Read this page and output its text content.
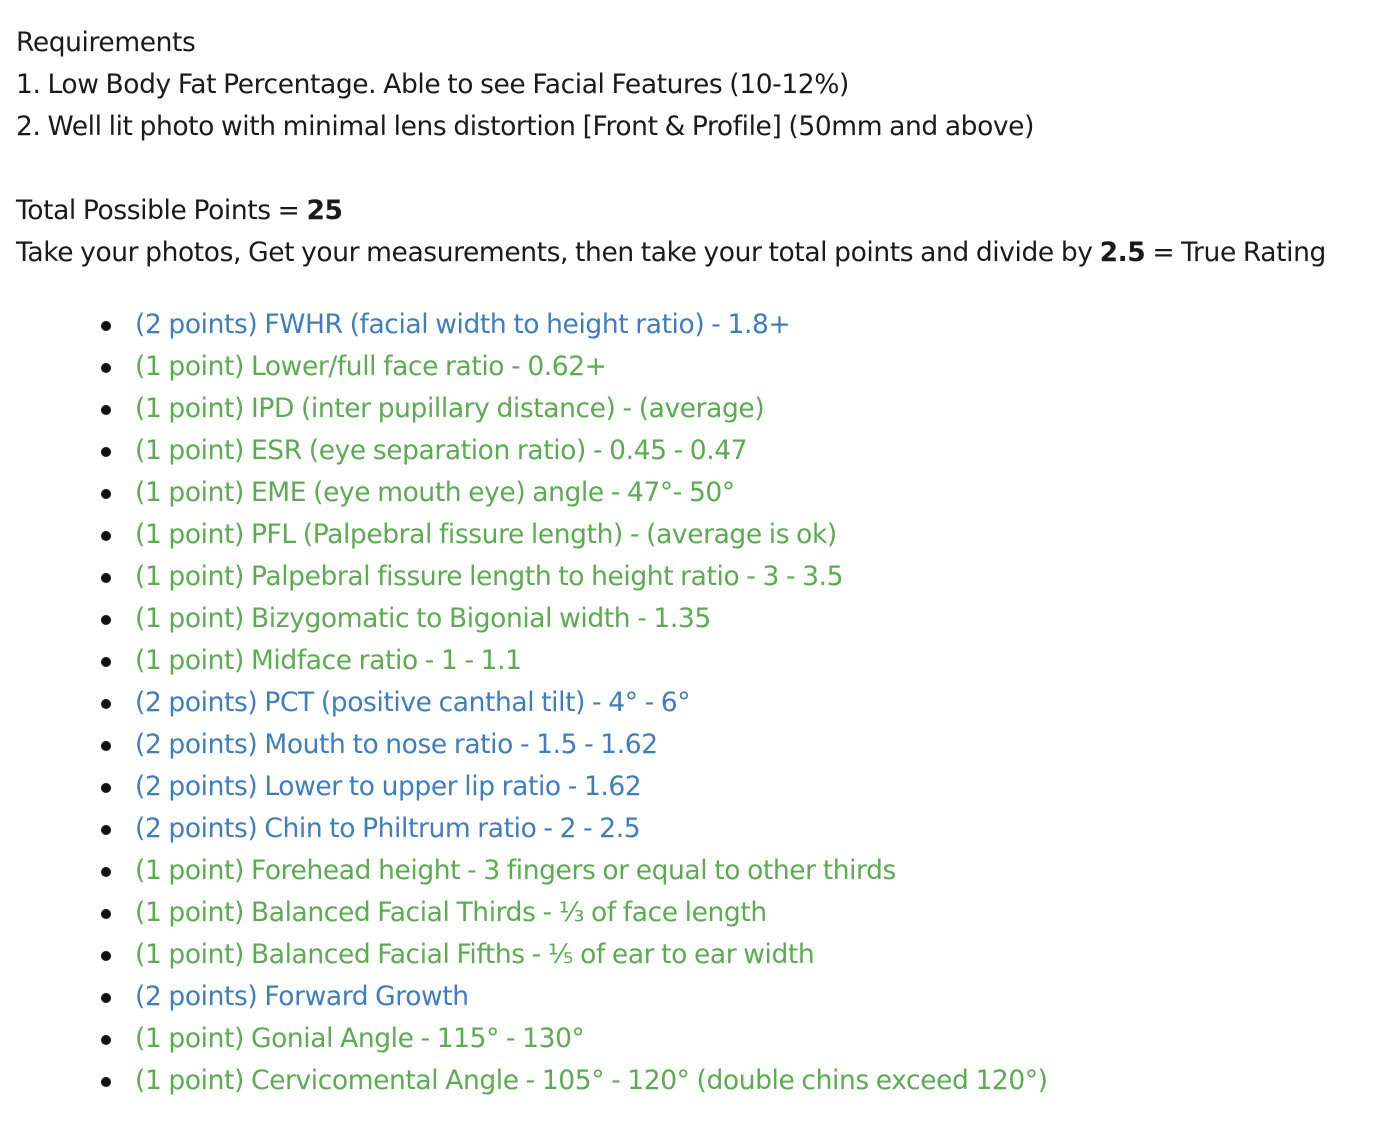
Requirements
1. Low Body Fat Percentage. Able to see Facial Features (10-12%)
2. Well lit photo with minimal lens distortion [Front & Profile] (50mm and above)
Total Possible Points = 25
Take your photos, Get your measurements, then take your total points and divide by 2.5 = True Rating
(2 points) FWHR (facial width to height ratio) - 1.8+
(1 point) Lower/full face ratio - 0.62+
(1 point) IPD (inter pupillary distance) - (average)
(1 point) ESR (eye separation ratio) - 0.45 - 0.47
(1 point) EME (eye mouth eye) angle - 47°- 50°
(1 point) PFL (Palpebral fissure length) - (average is ok)
(1 point) Palpebral fissure length to height ratio - 3 - 3.5
(1 point) Bizygomatic to Bigonial width - 1.35
(1 point) Midface ratio - 1 - 1.1
(2 points) PCT (positive canthal tilt) - 4° - 6°
(2 points) Mouth to nose ratio - 1.5 - 1.62
(2 points) Lower to upper lip ratio - 1.62
(2 points) Chin to Philtrum ratio - 2 - 2.5
(1 point) Forehead height - 3 fingers or equal to other thirds
(1 point) Balanced Facial Thirds - ⅓ of face length
(1 point) Balanced Facial Fifths - ⅕ of ear to ear width
(2 points) Forward Growth
(1 point) Gonial Angle - 115° - 130°
(1 point) Cervicomental Angle - 105° - 120° (double chins exceed 120°)
